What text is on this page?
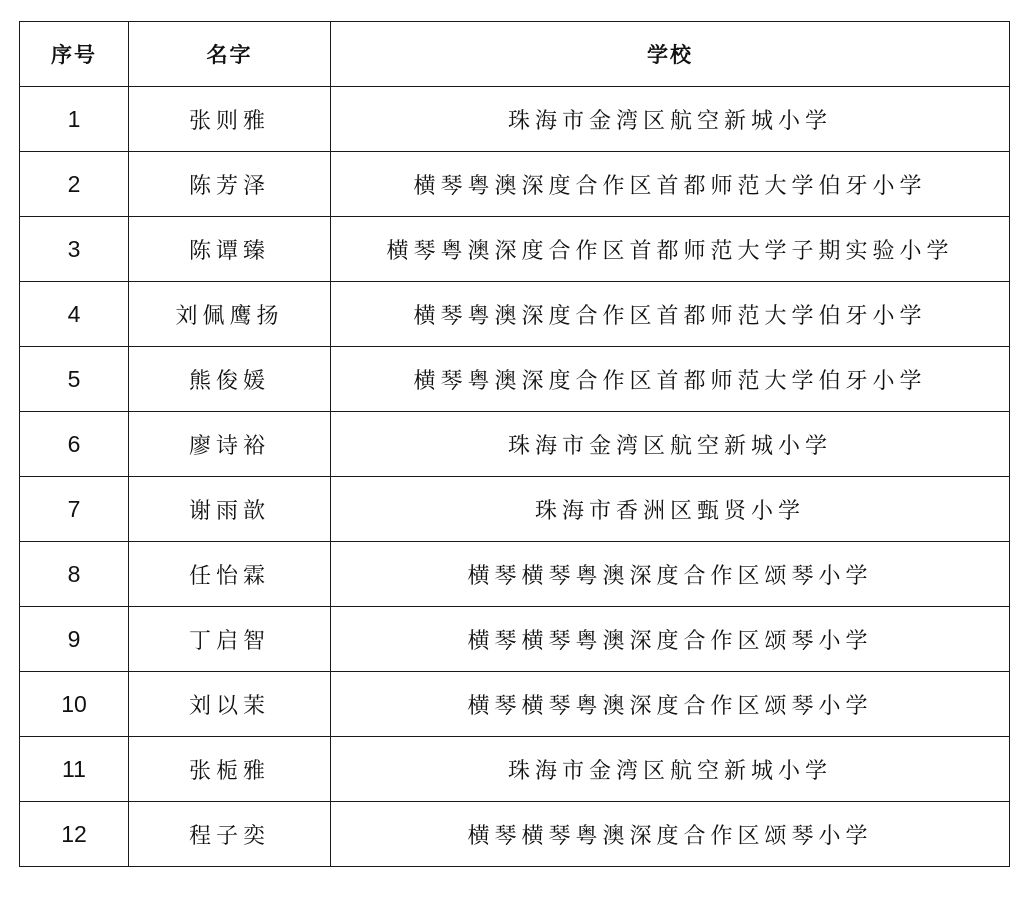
序号	名字	学校
1	张则雅	珠海市金湾区航空新城小学
2	陈芳泽	横琴粤澳深度合作区首都师范大学伯牙小学
3	陈谭臻	横琴粤澳深度合作区首都师范大学子期实验小学
4	刘佩鹰扬	横琴粤澳深度合作区首都师范大学伯牙小学
5	熊俊媛	横琴粤澳深度合作区首都师范大学伯牙小学
6	廖诗裕	珠海市金湾区航空新城小学
7	谢雨歆	珠海市香洲区甄贤小学
8	任怡霖	横琴横琴粤澳深度合作区颂琴小学
9	丁启智	横琴横琴粤澳深度合作区颂琴小学
10	刘以茉	横琴横琴粤澳深度合作区颂琴小学
11	张栀雅	珠海市金湾区航空新城小学
12	程子奕	横琴横琴粤澳深度合作区颂琴小学
